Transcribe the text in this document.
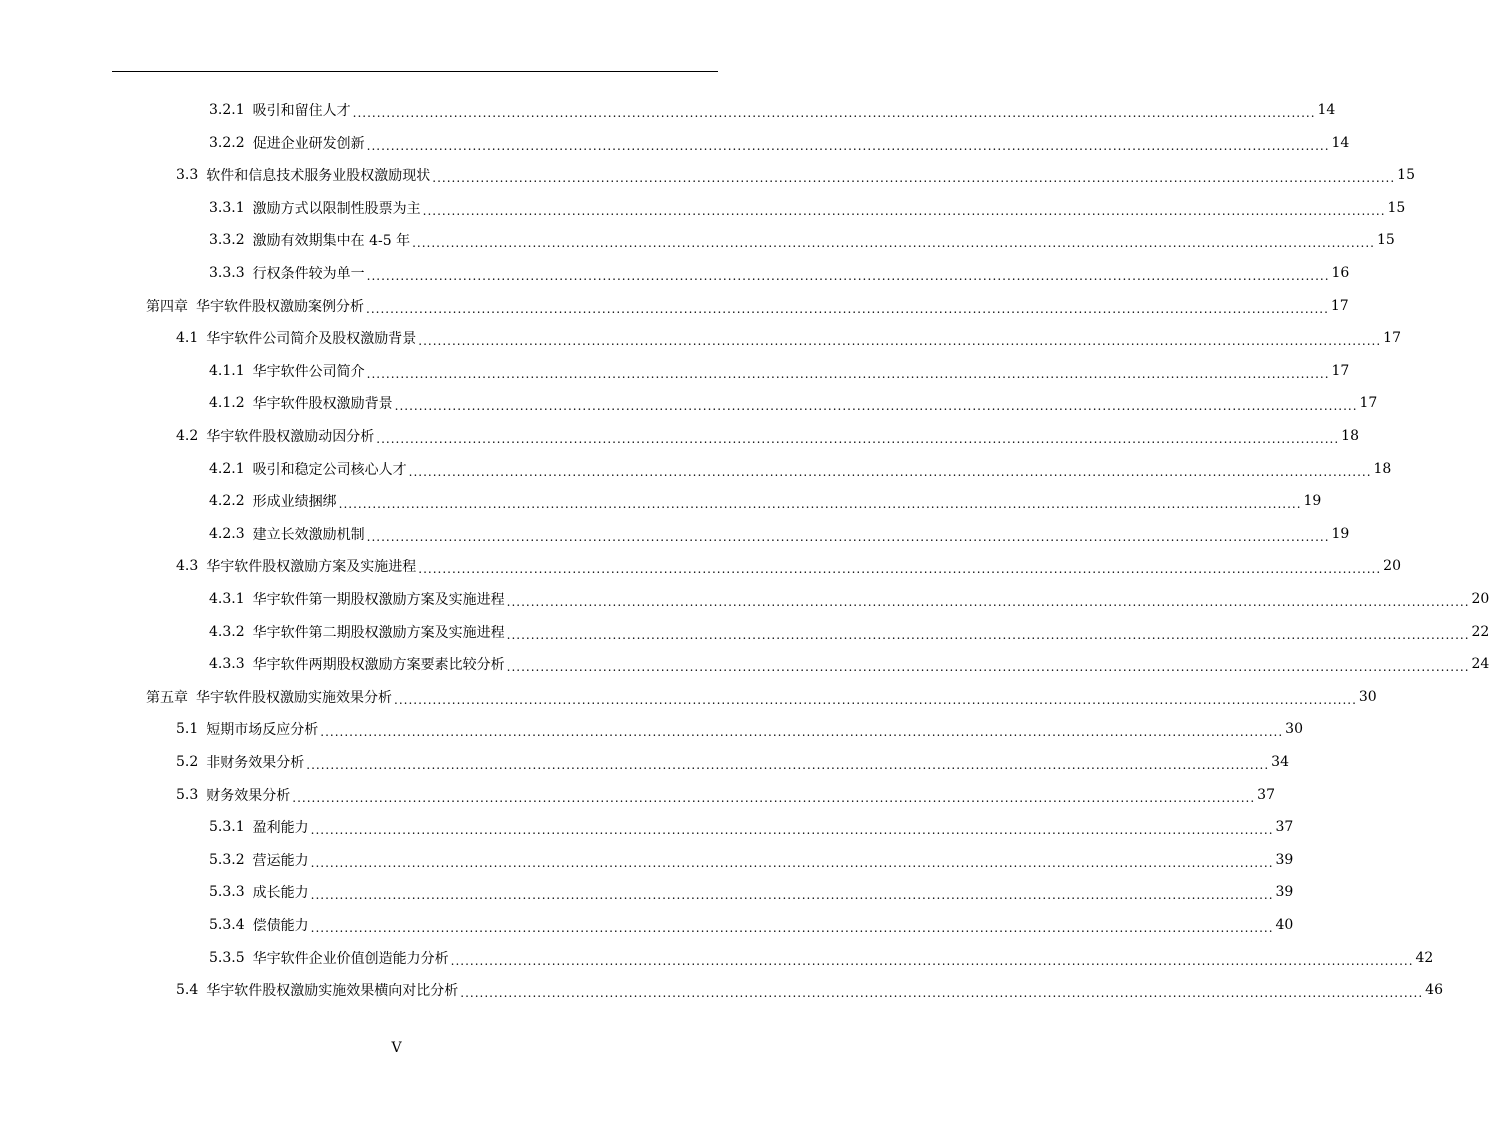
3.2.1 吸引和留住人才 ........................................................................................................................................................................................................ 14
3.2.2 促进企业研发创新 ........................................................................................................................................................................................................ 14
3.3 软件和信息技术服务业股权激励现状 ........................................................................................................................................................................................................ 15
3.3.1 激励方式以限制性股票为主 ........................................................................................................................................................................................................ 15
3.3.2 激励有效期集中在 4-5 年 ........................................................................................................................................................................................................ 15
3.3.3 行权条件较为单一 ........................................................................................................................................................................................................ 16
第四章 华宇软件股权激励案例分析 ........................................................................................................................................................................................................ 17
4.1 华宇软件公司简介及股权激励背景 ........................................................................................................................................................................................................ 17
4.1.1 华宇软件公司简介 ........................................................................................................................................................................................................ 17
4.1.2 华宇软件股权激励背景 ........................................................................................................................................................................................................ 17
4.2 华宇软件股权激励动因分析 ........................................................................................................................................................................................................ 18
4.2.1 吸引和稳定公司核心人才 ........................................................................................................................................................................................................ 18
4.2.2 形成业绩捆绑 ........................................................................................................................................................................................................ 19
4.2.3 建立长效激励机制 ........................................................................................................................................................................................................ 19
4.3 华宇软件股权激励方案及实施进程 ........................................................................................................................................................................................................ 20
4.3.1 华宇软件第一期股权激励方案及实施进程 ........................................................................................................................................................................................................ 20
4.3.2 华宇软件第二期股权激励方案及实施进程 ........................................................................................................................................................................................................ 22
4.3.3 华宇软件两期股权激励方案要素比较分析 ........................................................................................................................................................................................................ 24
第五章 华宇软件股权激励实施效果分析 ........................................................................................................................................................................................................ 30
5.1 短期市场反应分析 ........................................................................................................................................................................................................ 30
5.2 非财务效果分析 ........................................................................................................................................................................................................ 34
5.3 财务效果分析 ........................................................................................................................................................................................................ 37
5.3.1 盈利能力 ........................................................................................................................................................................................................ 37
5.3.2 营运能力 ........................................................................................................................................................................................................ 39
5.3.3 成长能力 ........................................................................................................................................................................................................ 39
5.3.4 偿债能力 ........................................................................................................................................................................................................ 40
5.3.5 华宇软件企业价值创造能力分析 ........................................................................................................................................................................................................ 42
5.4 华宇软件股权激励实施效果横向对比分析 ........................................................................................................................................................................................................ 46
V
